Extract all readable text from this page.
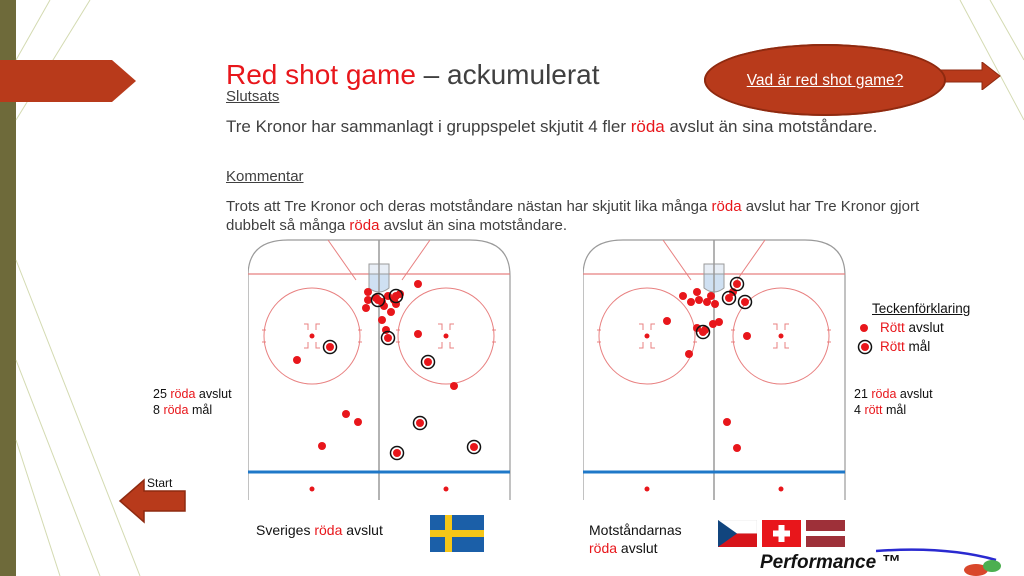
Red shot game – ackumulerat	Vad är red shot game?
Slutsats
Tre Kronor har sammanlagt i gruppspelet skjutit 4 fler röda avslut än sina motståndare.
Kommentar
Trots att Tre Kronor och deras motståndare nästan har skjutit lika många röda avslut har Tre Kronor gjort dubbelt så många röda avslut än sina motståndare.
25 röda avslut
8 röda mål
21 röda avslut
4 rött mål
Teckenförklaring
Rött avslut
Rött mål
Sveriges röda avslut	Motståndarnas
röda avslut
Start
Performance ™
